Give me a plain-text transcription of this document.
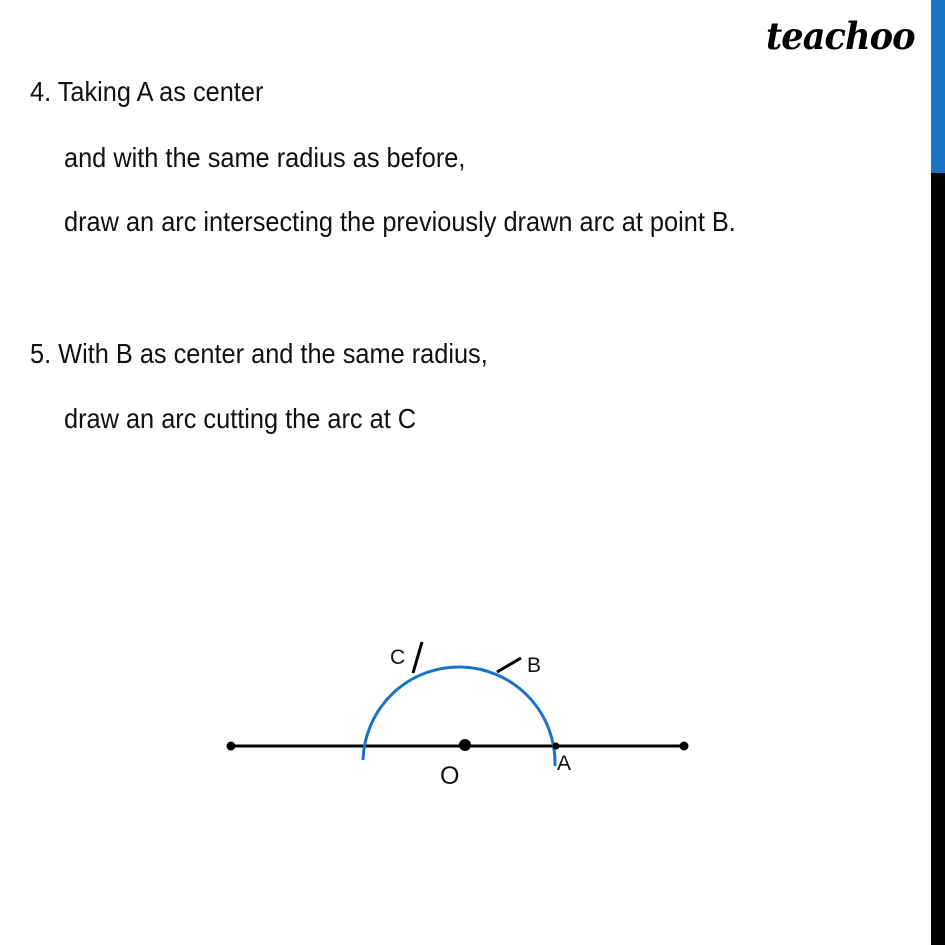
teachoo
4. Taking A as center
and with the same radius as before,
draw an arc intersecting the previously drawn arc at point B.
5. With B as center and the same radius,
draw an arc cutting the arc at C
C	B
A
O
